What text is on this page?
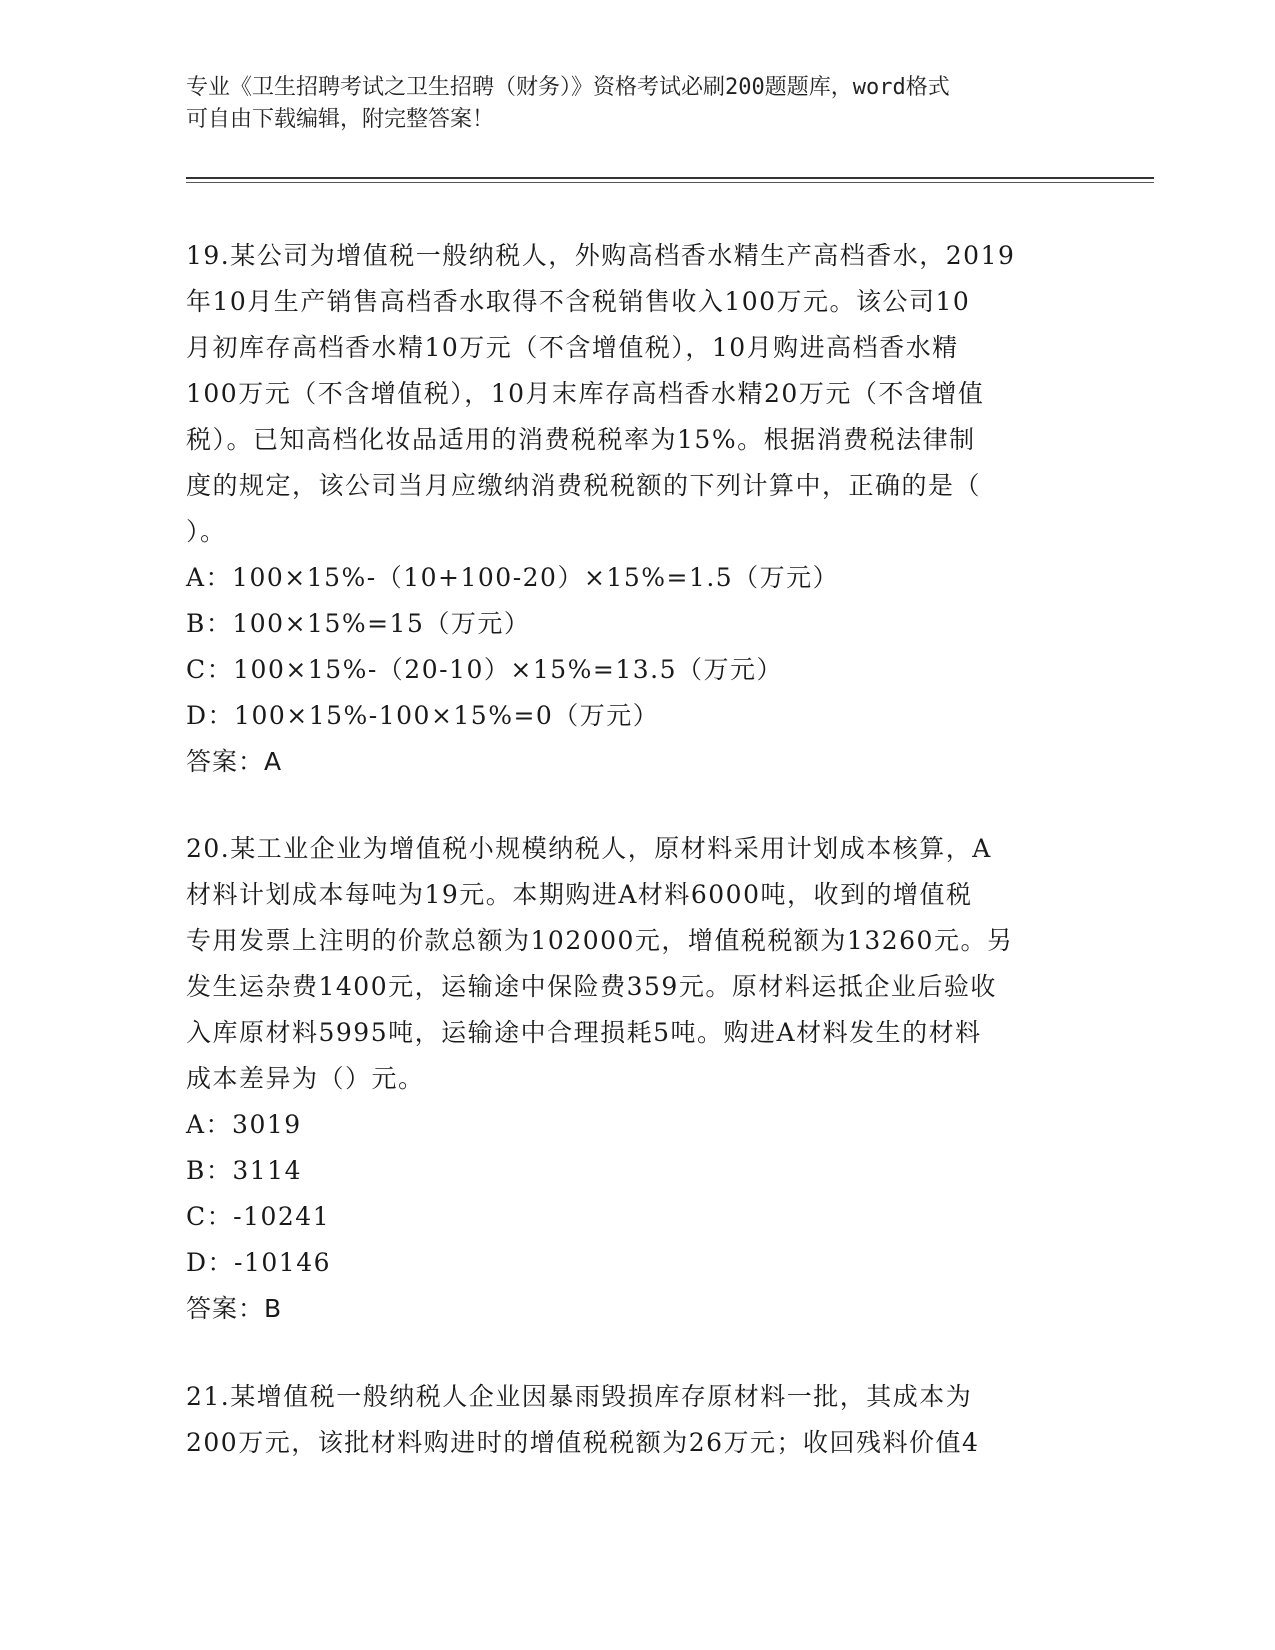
专业《卫生招聘考试之卫生招聘（财务）》资格考试必刷200题题库，word格式
可自由下载编辑，附完整答案！
19.某公司为增值税一般纳税人，外购高档香水精生产高档香水，2019
年10月生产销售高档香水取得不含税销售收入100万元。该公司10
月初库存高档香水精10万元（不含增值税），10月购进高档香水精
100万元（不含增值税），10月末库存高档香水精20万元（不含增值
税）。已知高档化妆品适用的消费税税率为15%。根据消费税法律制
度的规定，该公司当月应缴纳消费税税额的下列计算中，正确的是（
）。
A：100×15%-（10+100-20）×15%=1.5（万元）
B：100×15%=15（万元）
C：100×15%-（20-10）×15%=13.5（万元）
D：100×15%-100×15%=0（万元）
答案：A
20.某工业企业为增值税小规模纳税人，原材料采用计划成本核算，A
材料计划成本每吨为19元。本期购进A材料6000吨，收到的增值税
专用发票上注明的价款总额为102000元，增值税税额为13260元。另
发生运杂费1400元，运输途中保险费359元。原材料运抵企业后验收
入库原材料5995吨，运输途中合理损耗5吨。购进A材料发生的材料
成本差异为（）元。
A：3019
B：3114
C：-10241
D：-10146
答案：B
21.某增值税一般纳税人企业因暴雨毁损库存原材料一批，其成本为
200万元，该批材料购进时的增值税税额为26万元；收回残料价值4
